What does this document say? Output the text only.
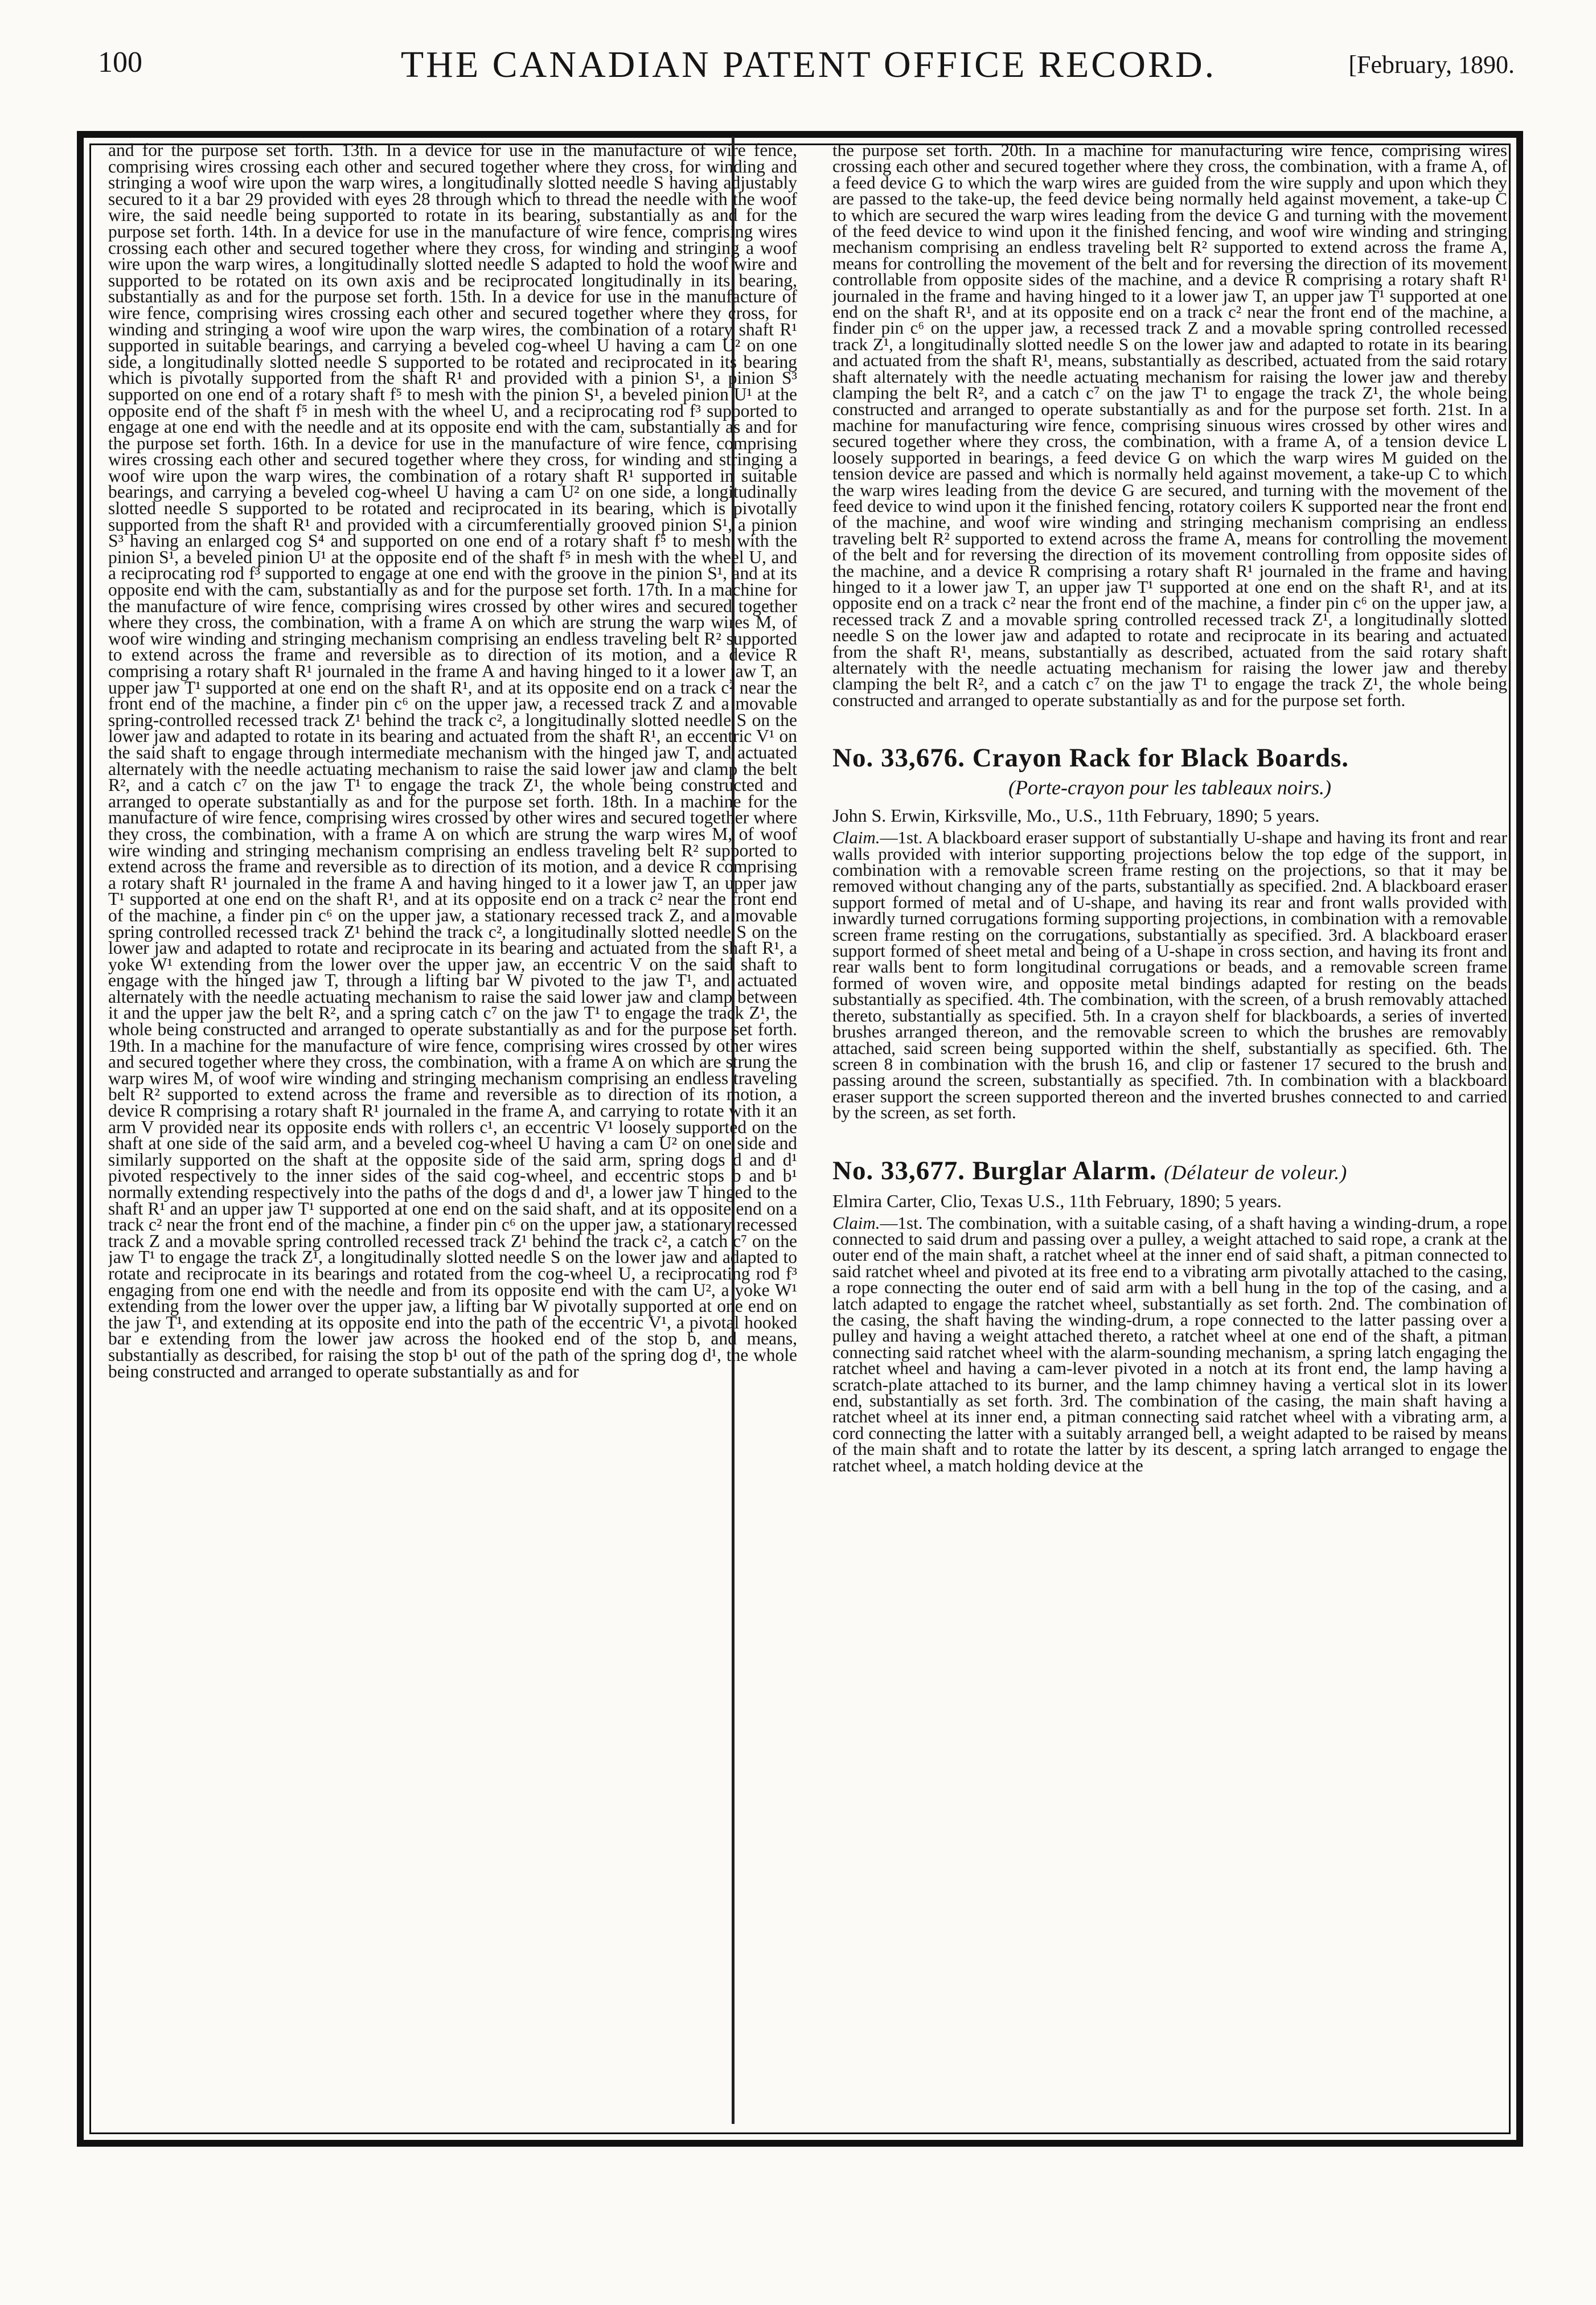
100	THE CANADIAN PATENT OFFICE RECORD.	[February, 1890.

and for the purpose set forth. 13th. In a device for use in the manufacture of wire fence, comprising wires crossing each other and secured together where they cross, for winding and stringing a woof wire upon the warp wires, a longitudinally slotted needle S having adjustably secured to it a bar 29 provided with eyes 28 through which to thread the needle with the woof wire, the said needle being supported to rotate in its bearing, substantially as and for the purpose set forth. 14th. In a device for use in the manufacture of wire fence, comprising wires crossing each other and secured together where they cross, for winding and stringing a woof wire upon the warp wires, a longitudinally slotted needle S adapted to hold the woof wire and supported to be rotated on its own axis and be reciprocated longitudinally in its bearing, substantially as and for the purpose set forth. 15th. In a device for use in the manufacture of wire fence, comprising wires crossing each other and secured together where they cross, for winding and stringing a woof wire upon the warp wires, the combination of a rotary shaft R¹ supported in suitable bearings, and carrying a beveled cog-wheel U having a cam U² on one side, a longitudinally slotted needle S supported to be rotated and reciprocated in its bearing which is pivotally supported from the shaft R¹ and provided with a pinion S¹, a pinion S³ supported on one end of a rotary shaft f⁵ to mesh with the pinion S¹, a beveled pinion U¹ at the opposite end of the shaft f⁵ in mesh with the wheel U, and a reciprocating rod f³ supported to engage at one end with the needle and at its opposite end with the cam, substantially as and for the purpose set forth. 16th. In a device for use in the manufacture of wire fence, comprising wires crossing each other and secured together where they cross, for winding and stringing a woof wire upon the warp wires, the combination of a rotary shaft R¹ supported in suitable bearings, and carrying a beveled cog-wheel U having a cam U² on one side, a longitudinally slotted needle S supported to be rotated and reciprocated in its bearing, which is pivotally supported from the shaft R¹ and provided with a circumferentially grooved pinion S¹, a pinion S³ having an enlarged cog S⁴ and supported on one end of a rotary shaft f⁵ to mesh with the pinion S¹, a beveled pinion U¹ at the opposite end of the shaft f⁵ in mesh with the wheel U, and a reciprocating rod f³ supported to engage at one end with the groove in the pinion S¹, and at its opposite end with the cam, substantially as and for the purpose set forth. 17th. In a machine for the manufacture of wire fence, comprising wires crossed by other wires and secured together where they cross, the combination, with a frame A on which are strung the warp wires M, of woof wire winding and stringing mechanism comprising an endless traveling belt R² supported to extend across the frame and reversible as to direction of its motion, and a device R comprising a rotary shaft R¹ journaled in the frame A and having hinged to it a lower jaw T, an upper jaw T¹ supported at one end on the shaft R¹, and at its opposite end on a track c² near the front end of the machine, a finder pin c⁶ on the upper jaw, a recessed track Z and a movable spring-controlled recessed track Z¹ behind the track c², a longitudinally slotted needle S on the lower jaw and adapted to rotate in its bearing and actuated from the shaft R¹, an eccentric V¹ on the said shaft to engage through intermediate mechanism with the hinged jaw T, and actuated alternately with the needle actuating mechanism to raise the said lower jaw and clamp the belt R², and a catch c⁷ on the jaw T¹ to engage the track Z¹, the whole being constructed and arranged to operate substantially as and for the purpose set forth. 18th. In a machine for the manufacture of wire fence, comprising wires crossed by other wires and secured together where they cross, the combination, with a frame A on which are strung the warp wires M, of woof wire winding and stringing mechanism comprising an endless traveling belt R² supported to extend across the frame and reversible as to direction of its motion, and a device R comprising a rotary shaft R¹ journaled in the frame A and having hinged to it a lower jaw T, an upper jaw T¹ supported at one end on the shaft R¹, and at its opposite end on a track c² near the front end of the machine, a finder pin c⁶ on the upper jaw, a stationary recessed track Z, and a movable spring controlled recessed track Z¹ behind the track c², a longitudinally slotted needle S on the lower jaw and adapted to rotate and reciprocate in its bearing and actuated from the shaft R¹, a yoke W¹ extending from the lower over the upper jaw, an eccentric V on the said shaft to engage with the hinged jaw T, through a lifting bar W pivoted to the jaw T¹, and actuated alternately with the needle actuating mechanism to raise the said lower jaw and clamp between it and the upper jaw the belt R², and a spring catch c⁷ on the jaw T¹ to engage the track Z¹, the whole being constructed and arranged to operate substantially as and for the purpose set forth. 19th. In a machine for the manufacture of wire fence, comprising wires crossed by other wires and secured together where they cross, the combination, with a frame A on which are strung the warp wires M, of woof wire winding and stringing mechanism comprising an endless traveling belt R² supported to extend across the frame and reversible as to direction of its motion, a device R comprising a rotary shaft R¹ journaled in the frame A, and carrying to rotate with it an arm V provided near its opposite ends with rollers c¹, an eccentric V¹ loosely supported on the shaft at one side of the said arm, and a beveled cog-wheel U having a cam U² on one side and similarly supported on the shaft at the opposite side of the said arm, spring dogs d and d¹ pivoted respectively to the inner sides of the said cog-wheel, and eccentric stops b and b¹ normally extending respectively into the paths of the dogs d and d¹, a lower jaw T hinged to the shaft R¹ and an upper jaw T¹ supported at one end on the said shaft, and at its opposite end on a track c² near the front end of the machine, a finder pin c⁶ on the upper jaw, a stationary recessed track Z and a movable spring controlled recessed track Z¹ behind the track c², a catch c⁷ on the jaw T¹ to engage the track Z¹, a longitudinally slotted needle S on the lower jaw and adapted to rotate and reciprocate in its bearings and rotated from the cog-wheel U, a reciprocating rod f³ engaging from one end with the needle and from its opposite end with the cam U², a yoke W¹ extending from the lower over the upper jaw, a lifting bar W pivotally supported at one end on the jaw T¹, and extending at its opposite end into the path of the eccentric V¹, a pivotal hooked bar e extending from the lower jaw across the hooked end of the stop b, and means, substantially as described, for raising the stop b¹ out of the path of the spring dog d¹, the whole being constructed and arranged to operate substantially as and for

the purpose set forth. 20th. In a machine for manufacturing wire fence, comprising wires crossing each other and secured together where they cross, the combination, with a frame A, of a feed device G to which the warp wires are guided from the wire supply and upon which they are passed to the take-up, the feed device being normally held against movement, a take-up C to which are secured the warp wires leading from the device G and turning with the movement of the feed device to wind upon it the finished fencing, and woof wire winding and stringing mechanism comprising an endless traveling belt R² supported to extend across the frame A, means for controlling the movement of the belt and for reversing the direction of its movement controllable from opposite sides of the machine, and a device R comprising a rotary shaft R¹ journaled in the frame and having hinged to it a lower jaw T, an upper jaw T¹ supported at one end on the shaft R¹, and at its opposite end on a track c² near the front end of the machine, a finder pin c⁶ on the upper jaw, a recessed track Z and a movable spring controlled recessed track Z¹, a longitudinally slotted needle S on the lower jaw and adapted to rotate in its bearing and actuated from the shaft R¹, means, substantially as described, actuated from the said rotary shaft alternately with the needle actuating mechanism for raising the lower jaw and thereby clamping the belt R², and a catch c⁷ on the jaw T¹ to engage the track Z¹, the whole being constructed and arranged to operate substantially as and for the purpose set forth. 21st. In a machine for manufacturing wire fence, comprising sinuous wires crossed by other wires and secured together where they cross, the combination, with a frame A, of a tension device L loosely supported in bearings, a feed device G on which the warp wires M guided on the tension device are passed and which is normally held against movement, a take-up C to which the warp wires leading from the device G are secured, and turning with the movement of the feed device to wind upon it the finished fencing, rotatory coilers K supported near the front end of the machine, and woof wire winding and stringing mechanism comprising an endless traveling belt R² supported to extend across the frame A, means for controlling the movement of the belt and for reversing the direction of its movement controlling from opposite sides of the machine, and a device R comprising a rotary shaft R¹ journaled in the frame and having hinged to it a lower jaw T, an upper jaw T¹ supported at one end on the shaft R¹, and at its opposite end on a track c² near the front end of the machine, a finder pin c⁶ on the upper jaw, a recessed track Z and a movable spring controlled recessed track Z¹, a longitudinally slotted needle S on the lower jaw and adapted to rotate and reciprocate in its bearing and actuated from the shaft R¹, means, substantially as described, actuated from the said rotary shaft alternately with the needle actuating mechanism for raising the lower jaw and thereby clamping the belt R², and a catch c⁷ on the jaw T¹ to engage the track Z¹, the whole being constructed and arranged to operate substantially as and for the purpose set forth.

No. 33,676. Crayon Rack for Black Boards.
(Porte-crayon pour les tableaux noirs.)
John S. Erwin, Kirksville, Mo., U.S., 11th February, 1890; 5 years.

Claim.—1st. A blackboard eraser support of substantially U-shape and having its front and rear walls provided with interior supporting projections below the top edge of the support, in combination with a removable screen frame resting on the projections, so that it may be removed without changing any of the parts, substantially as specified. 2nd. A blackboard eraser support formed of metal and of U-shape, and having its rear and front walls provided with inwardly turned corrugations forming supporting projections, in combination with a removable screen frame resting on the corrugations, substantially as specified. 3rd. A blackboard eraser support formed of sheet metal and being of a U-shape in cross section, and having its front and rear walls bent to form longitudinal corrugations or beads, and a removable screen frame formed of woven wire, and opposite metal bindings adapted for resting on the beads substantially as specified. 4th. The combination, with the screen, of a brush removably attached thereto, substantially as specified. 5th. In a crayon shelf for blackboards, a series of inverted brushes arranged thereon, and the removable screen to which the brushes are removably attached, said screen being supported within the shelf, substantially as specified. 6th. The screen 8 in combination with the brush 16, and clip or fastener 17 secured to the brush and passing around the screen, substantially as specified. 7th. In combination with a blackboard eraser support the screen supported thereon and the inverted brushes connected to and carried by the screen, as set forth.

No. 33,677. Burglar Alarm. (Délateur de voleur.)
Elmira Carter, Clio, Texas U.S., 11th February, 1890; 5 years.

Claim.—1st. The combination, with a suitable casing, of a shaft having a winding-drum, a rope connected to said drum and passing over a pulley, a weight attached to said rope, a crank at the outer end of the main shaft, a ratchet wheel at the inner end of said shaft, a pitman connected to said ratchet wheel and pivoted at its free end to a vibrating arm pivotally attached to the casing, a rope connecting the outer end of said arm with a bell hung in the top of the casing, and a latch adapted to engage the ratchet wheel, substantially as set forth. 2nd. The combination of the casing, the shaft having the winding-drum, a rope connected to the latter passing over a pulley and having a weight attached thereto, a ratchet wheel at one end of the shaft, a pitman connecting said ratchet wheel with the alarm-sounding mechanism, a spring latch engaging the ratchet wheel and having a cam-lever pivoted in a notch at its front end, the lamp having a scratch-plate attached to its burner, and the lamp chimney having a vertical slot in its lower end, substantially as set forth. 3rd. The combination of the casing, the main shaft having a ratchet wheel at its inner end, a pitman connecting said ratchet wheel with a vibrating arm, a cord connecting the latter with a suitably arranged bell, a weight adapted to be raised by means of the main shaft and to rotate the latter by its descent, a spring latch arranged to engage the ratchet wheel, a match holding device at the
